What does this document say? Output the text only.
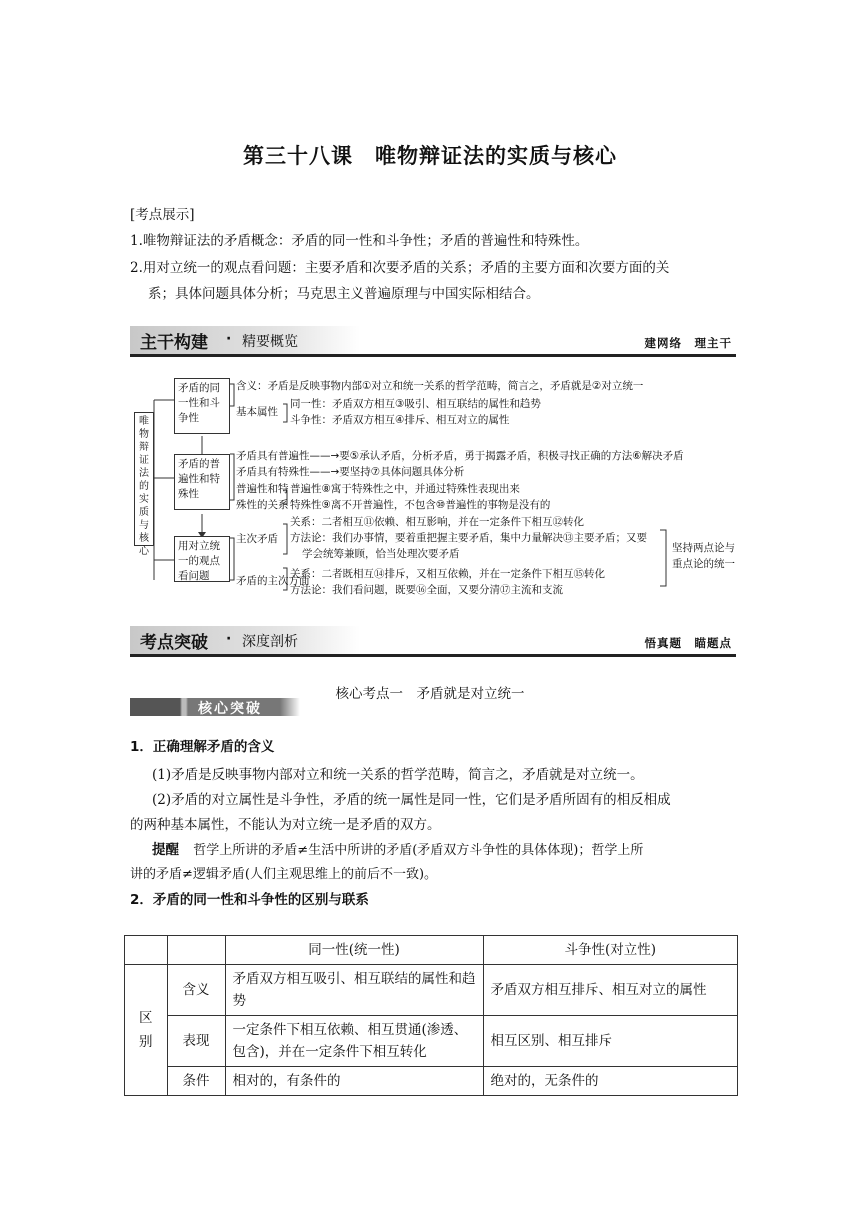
第三十八课　唯物辩证法的实质与核心
[考点展示]
1.唯物辩证法的矛盾概念：矛盾的同一性和斗争性；矛盾的普遍性和特殊性。
2.用对立统一的观点看问题：主要矛盾和次要矛盾的关系；矛盾的主要方面和次要方面的关
系；具体问题具体分析；马克思主义普遍原理与中国实际相结合。
主干构建 · 精要概览	建网络　理主干
唯物辩证法的实质与核心
矛盾的同一性和斗争性
矛盾的普遍性和特殊性
用对立统一的观点看问题
含义：矛盾是反映事物内部①对立和统一关系的哲学范畴，简言之，矛盾就是②对立统一
基本属性
同一性：矛盾双方相互③吸引、相互联结的属性和趋势
斗争性：矛盾双方相互④排斥、相互对立的属性
矛盾具有普遍性——→要⑤承认矛盾，分析矛盾，勇于揭露矛盾，积极寻找正确的方法⑥解决矛盾
矛盾具有特殊性——→要坚持⑦具体问题具体分析
普遍性和特
殊性的关系
普遍性⑧寓于特殊性之中，并通过特殊性表现出来
特殊性⑨离不开普遍性，不包含⑩普遍性的事物是没有的
主次矛盾
关系：二者相互⑪依赖、相互影响，并在一定条件下相互⑫转化
方法论：我们办事情，要着重把握主要矛盾，集中力量解决⑬主要矛盾；又要
学会统筹兼顾，恰当处理次要矛盾
矛盾的主次方面
关系：二者既相互⑭排斥，又相互依赖，并在一定条件下相互⑮转化
方法论：我们看问题，既要⑯全面，又要分清⑰主流和支流
坚持两点论与重点论的统一
考点突破 · 深度剖析	悟真题　瞄题点
核心考点一　矛盾就是对立统一
核心突破
1．正确理解矛盾的含义
(1)矛盾是反映事物内部对立和统一关系的哲学范畴，简言之，矛盾就是对立统一。
(2)矛盾的对立属性是斗争性，矛盾的统一属性是同一性，它们是矛盾所固有的相反相成
的两种基本属性，不能认为对立统一是矛盾的双方。
提醒 哲学上所讲的矛盾≠生活中所讲的矛盾(矛盾双方斗争性的具体体现)；哲学上所
讲的矛盾≠逻辑矛盾(人们主观思维上的前后不一致)。
2．矛盾的同一性和斗争性的区别与联系
		同一性(统一性)	斗争性(对立性)
区别	含义	矛盾双方相互吸引、相互联结的属性和趋势	矛盾双方相互排斥、相互对立的属性
	表现	一定条件下相互依赖、相互贯通(渗透、包含)，并在一定条件下相互转化	相互区别、相互排斥
	条件	相对的，有条件的	绝对的，无条件的
